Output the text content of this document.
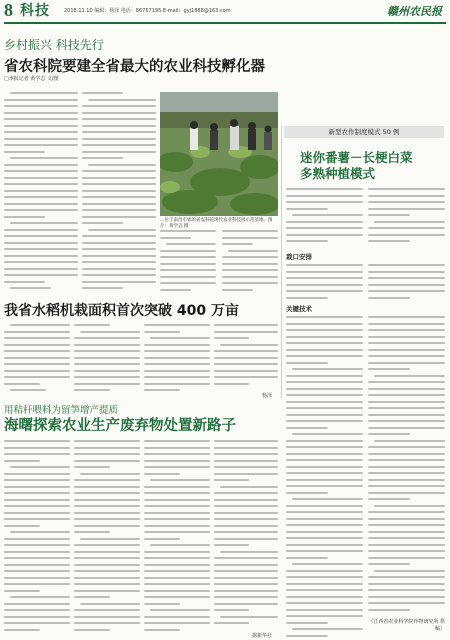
8 科技	2018.11.10 编辑：杨泽 电话：86757195 E-mail：gyj1888@163.com	赣州农民报
乡村振兴 科技先行
省农科院要建全省最大的农业科技孵化器
□本报记者 黄学志 文/图
…位于南昌市郊的省农科院现代农业科技园示范基地。图片：黄学志 摄
新型农作制度模式 50 例
迷你番薯－长梗白菜
多熟种植模式
栽口安排
关键技术
（江西省农业科学院作物研究所 供稿）
我省水稻机栽面积首次突破 400 万亩
杨泽
用秸秆喂料为留笋增产提质
海曙探索农业生产废弃物处置新路子
据新华社
